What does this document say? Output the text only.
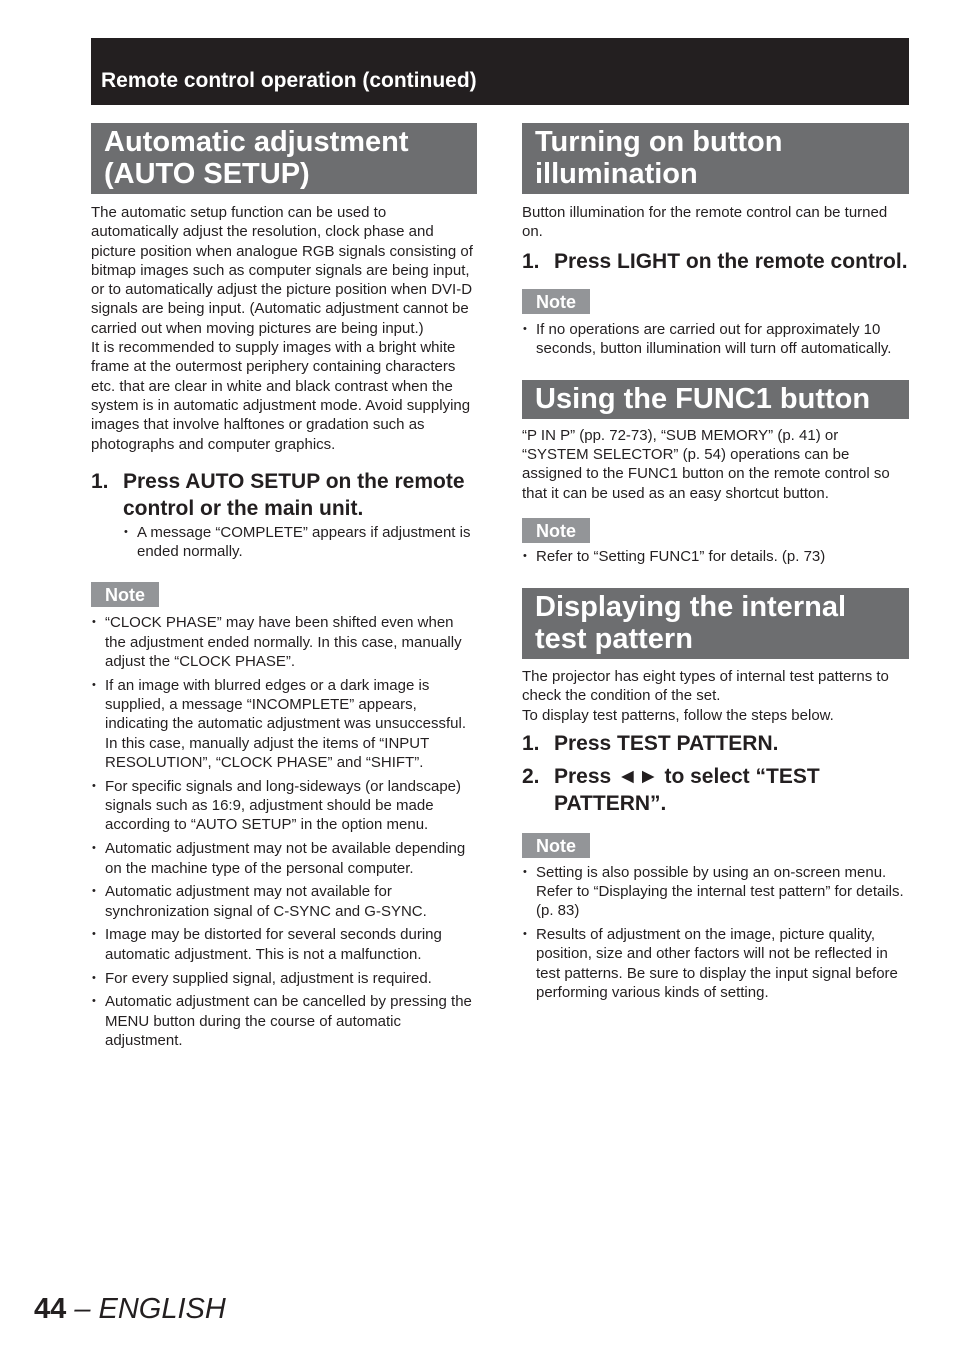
Remote control operation (continued)
Automatic adjustment
(AUTO SETUP)

The automatic setup function can be used to automatically adjust the resolution, clock phase and picture position when analogue RGB signals consisting of bitmap images such as computer signals are being input, or to automatically adjust the picture position when DVI-D signals are being input. (Automatic adjustment cannot be carried out when moving pictures are being input.)

It is recommended to supply images with a bright white frame at the outermost periphery containing characters etc. that are clear in white and black contrast when the system is in automatic adjustment mode. Avoid supplying images that involve halftones or gradation such as photographs and computer graphics.

1. Press AUTO SETUP on the remote control or the main unit.
• A message “COMPLETE” appears if adjustment is ended normally.
Note
• “CLOCK PHASE” may have been shifted even when the adjustment ended normally. In this case, manually adjust the “CLOCK PHASE”.
• If an image with blurred edges or a dark image is supplied, a message “INCOMPLETE” appears, indicating the automatic adjustment was unsuccessful. In this case, manually adjust the items of “INPUT RESOLUTION”, “CLOCK PHASE” and “SHIFT”.
• For specific signals and long-sideways (or landscape) signals such as 16:9, adjustment should be made according to “AUTO SETUP” in the option menu.
• Automatic adjustment may not be available depending on the machine type of the personal computer.
• Automatic adjustment may not available for synchronization signal of C-SYNC and G-SYNC.
• Image may be distorted for several seconds during automatic adjustment. This is not a malfunction.
• For every supplied signal, adjustment is required.
• Automatic adjustment can be cancelled by pressing the MENU button during the course of automatic adjustment.
Turning on button
illumination

Button illumination for the remote control can be turned on.

1. Press LIGHT on the remote control.
Note
• If no operations are carried out for approximately 10 seconds, button illumination will turn off automatically.
Using the FUNC1 button

“P IN P” (pp. 72-73), “SUB MEMORY” (p. 41) or “SYSTEM SELECTOR” (p. 54) operations can be assigned to the FUNC1 button on the remote control so that it can be used as an easy shortcut button.

Note
• Refer to “Setting FUNC1” for details. (p. 73)
Displaying the internal
test pattern

The projector has eight types of internal test patterns to check the condition of the set.

To display test patterns, follow the steps below.

1. Press TEST PATTERN.
2. Press ◄► to select “TEST PATTERN”.
Note
• Setting is also possible by using an on-screen menu. Refer to “Displaying the internal test pattern” for details. (p. 83)
• Results of adjustment on the image, picture quality, position, size and other factors will not be reflected in test patterns. Be sure to display the input signal before performing various kinds of setting.
44 – ENGLISH
